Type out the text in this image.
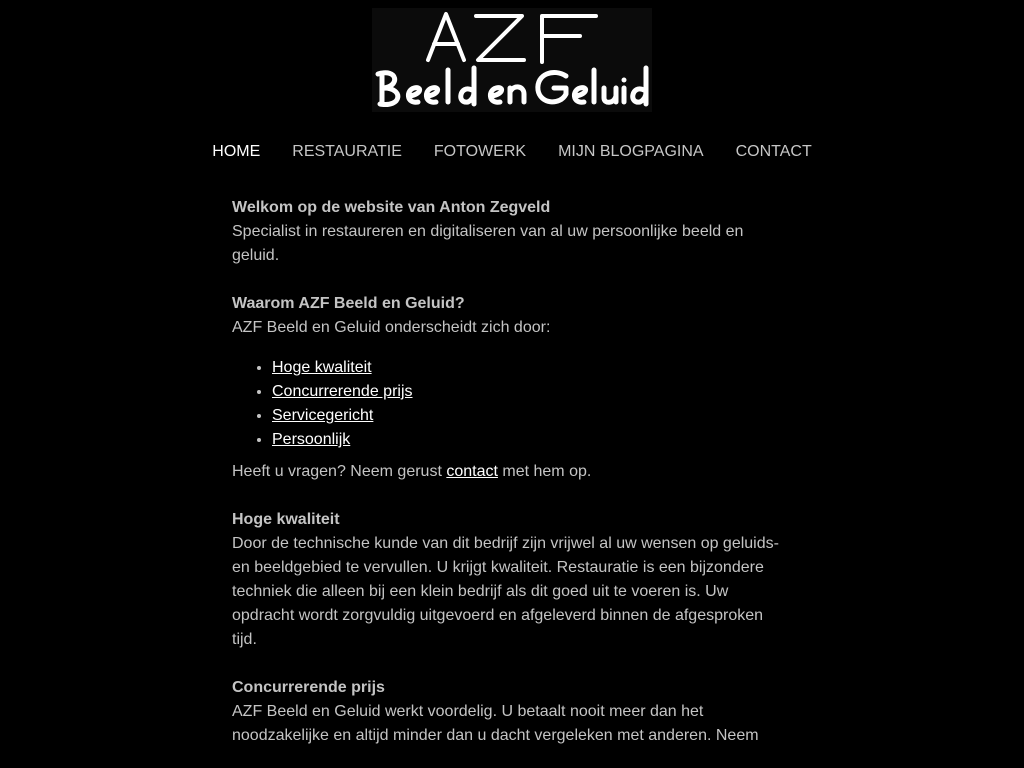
HOME RESTAURATIE FOTOWERK MIJN BLOGPAGINA CONTACT
Welkom op de website van Anton Zegveld

Specialist in restaureren en digitaliseren van al uw persoonlijke beeld en geluid.

Waarom AZF Beeld en Geluid?

AZF Beeld en Geluid onderscheidt zich door:

• Hoge kwaliteit
• Concurrerende prijs
• Servicegericht
• Persoonlijk

Heeft u vragen? Neem gerust contact met hem op.

Hoge kwaliteit

Door de technische kunde van dit bedrijf zijn vrijwel al uw wensen op geluids- en beeldgebied te vervullen. U krijgt kwaliteit. Restauratie is een bijzondere techniek die alleen bij een klein bedrijf als dit goed uit te voeren is. Uw opdracht wordt zorgvuldig uitgevoerd en afgeleverd binnen de afgesproken tijd.

Concurrerende prijs

AZF Beeld en Geluid werkt voordelig. U betaalt nooit meer dan het noodzakelijke en altijd minder dan u dacht vergeleken met anderen. Neem
